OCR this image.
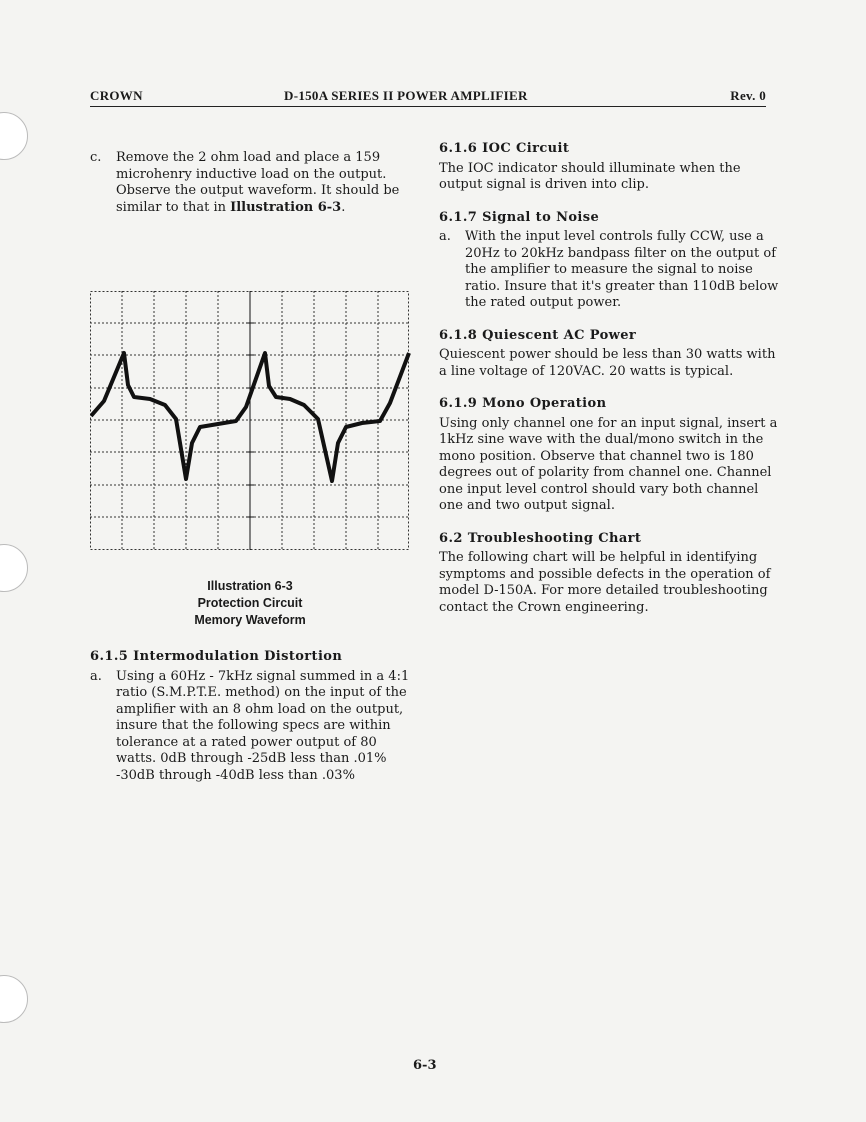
CROWN	D-150A SERIES II POWER AMPLIFIER	Rev. 0
c. Remove the 2 ohm load and place a 159 microhenry inductive load on the output. Observe the output waveform. It should be similar to that in Illustration 6-3.
Illustration 6-3
Protection Circuit
Memory Waveform
6.1.5 Intermodulation Distortion
a. Using a 60Hz - 7kHz signal summed in a 4:1 ratio (S.M.P.T.E. method) on the input of the amplifier with an 8 ohm load on the output, insure that the following specs are within tolerance at a rated power output of 80 watts. 0dB through -25dB less than .01% -30dB through -40dB less than .03%
6.1.6 IOC Circuit

The IOC indicator should illuminate when the output signal is driven into clip.

6.1.7 Signal to Noise
a. With the input level controls fully CCW, use a 20Hz to 20kHz bandpass filter on the output of the amplifier to measure the signal to noise ratio. Insure that it's greater than 110dB below the rated output power.
6.1.8 Quiescent AC Power

Quiescent power should be less than 30 watts with a line voltage of 120VAC. 20 watts is typical.

6.1.9 Mono Operation

Using only channel one for an input signal, insert a 1kHz sine wave with the dual/mono switch in the mono position. Observe that channel two is 180 degrees out of polarity from channel one. Channel one input level control should vary both channel one and two output signal.

6.2 Troubleshooting Chart

The following chart will be helpful in identifying symptoms and possible defects in the operation of model D-150A. For more detailed troubleshooting contact the Crown engineering.

6-3
